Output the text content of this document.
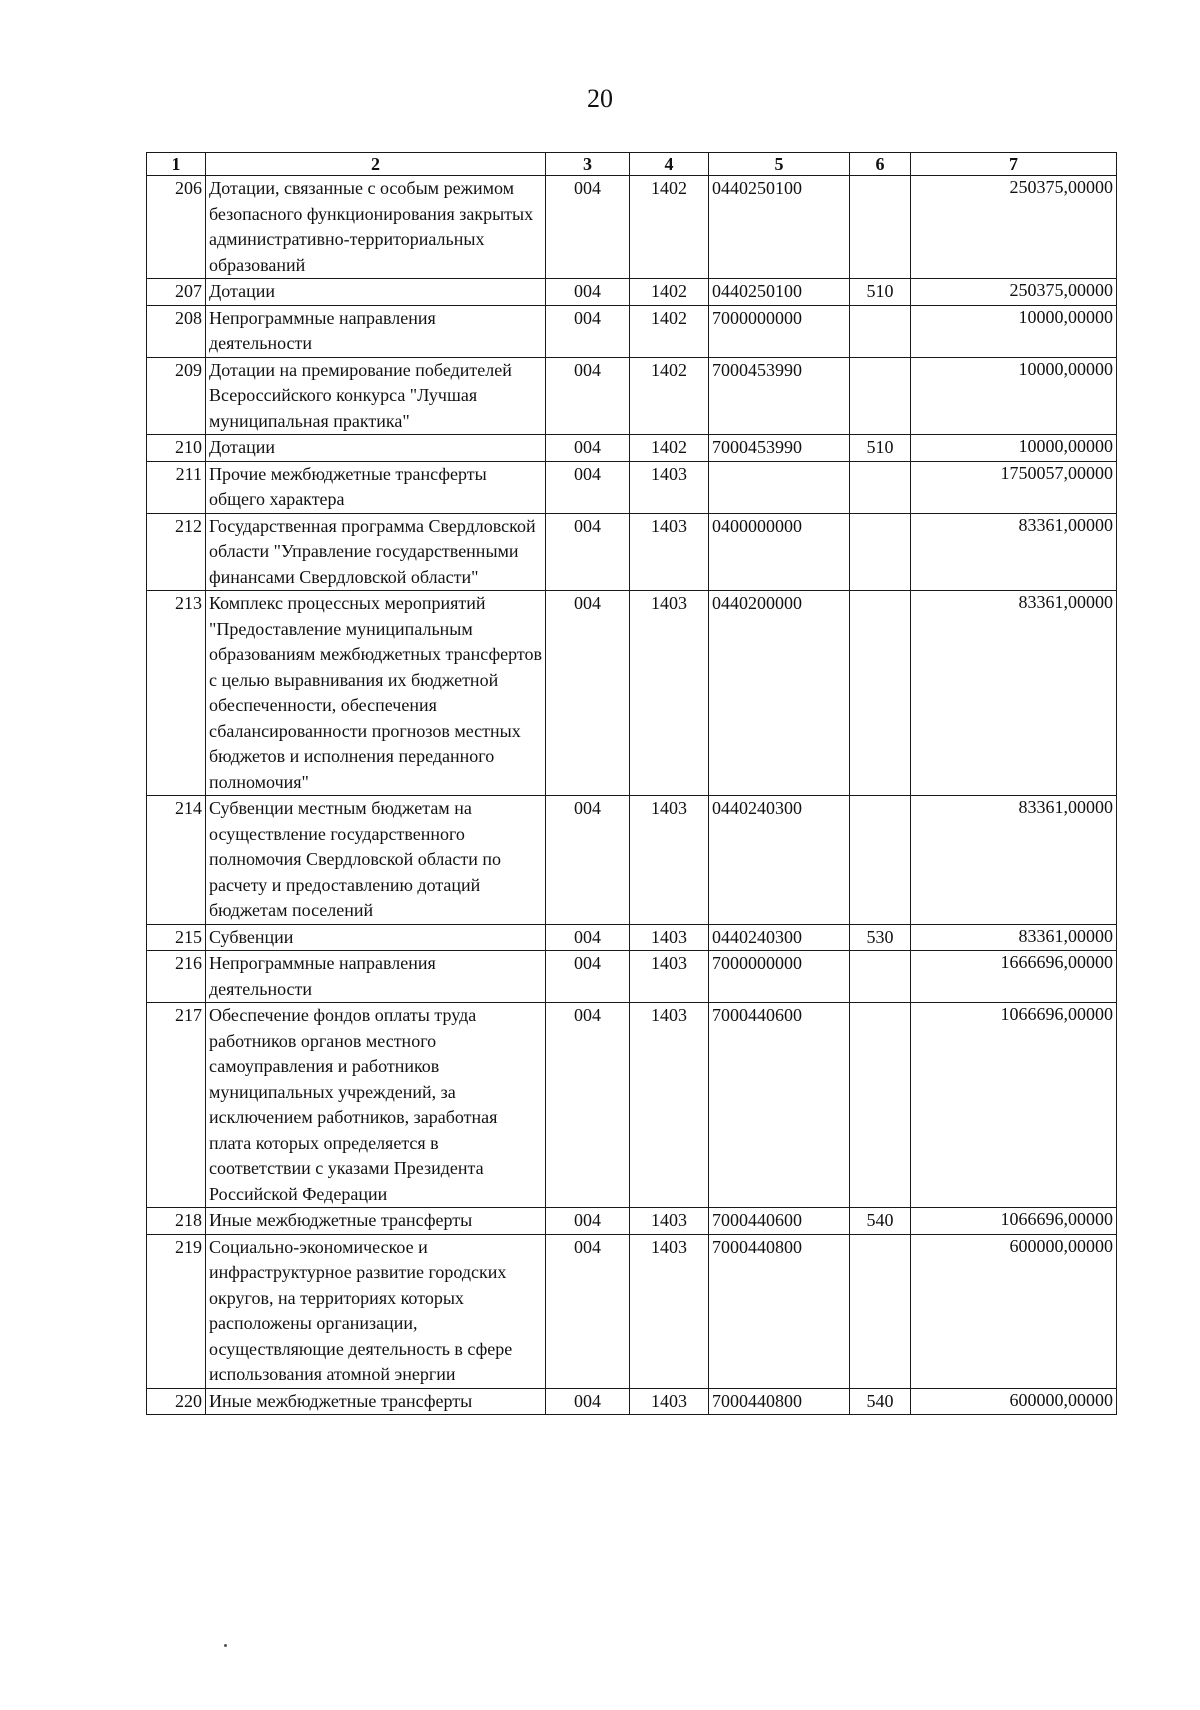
20
1	2	3	4	5	6	7
206	Дотации, связанные с особым режимом безопасного функционирования закрытых административно-территориальных образований	004	1402	0440250100		250375,00000
207	Дотации	004	1402	0440250100	510	250375,00000
208	Непрограммные направления деятельности	004	1402	7000000000		10000,00000
209	Дотации на премирование победителей Всероссийского конкурса "Лучшая муниципальная практика"	004	1402	7000453990		10000,00000
210	Дотации	004	1402	7000453990	510	10000,00000
211	Прочие межбюджетные трансферты общего характера	004	1403			1750057,00000
212	Государственная программа Свердловской области "Управление государственными финансами Свердловской области"	004	1403	0400000000		83361,00000
213	Комплекс процессных мероприятий "Предоставление муниципальным образованиям межбюджетных трансфертов с целью выравнивания их бюджетной обеспеченности, обеспечения сбалансированности прогнозов местных бюджетов и исполнения переданного полномочия"	004	1403	0440200000		83361,00000
214	Субвенции местным бюджетам на осуществление государственного полномочия Свердловской области по расчету и предоставлению дотаций бюджетам поселений	004	1403	0440240300		83361,00000
215	Субвенции	004	1403	0440240300	530	83361,00000
216	Непрограммные направления деятельности	004	1403	7000000000		1666696,00000
217	Обеспечение фондов оплаты труда работников органов местного самоуправления и работников муниципальных учреждений, за исключением работников, заработная плата которых определяется в соответствии с указами Президента Российской Федерации	004	1403	7000440600		1066696,00000
218	Иные межбюджетные трансферты	004	1403	7000440600	540	1066696,00000
219	Социально-экономическое и инфраструктурное развитие городских округов, на территориях которых расположены организации, осуществляющие деятельность в сфере использования атомной энергии	004	1403	7000440800		600000,00000
220	Иные межбюджетные трансферты	004	1403	7000440800	540	600000,00000
